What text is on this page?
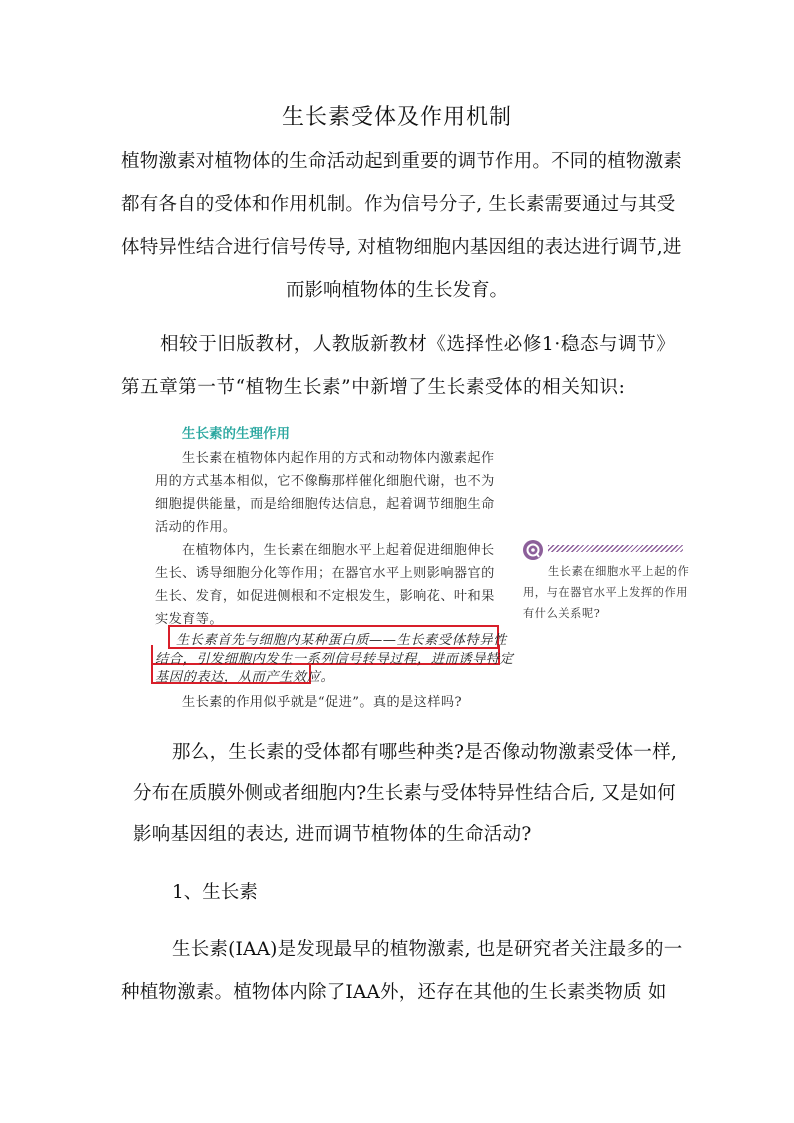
生长素受体及作用机制
植物激素对植物体的生命活动起到重要的调节作用。不同的植物激素
都有各自的受体和作用机制。作为信号分子, 生长素需要通过与其受
体特异性结合进行信号传导, 对植物细胞内基因组的表达进行调节,进
而影响植物体的生长发育。
相较于旧版教材，人教版新教材《选择性必修1·稳态与调节》
第五章第一节“植物生长素”中新增了生长素受体的相关知识:
生长素的生理作用
生长素在植物体内起作用的方式和动物体内激素起作
用的方式基本相似，它不像酶那样催化细胞代谢，也不为
细胞提供能量，而是给细胞传达信息，起着调节细胞生命
活动的作用。
在植物体内，生长素在细胞水平上起着促进细胞伸长
生长、诱导细胞分化等作用；在器官水平上则影响器官的
生长、发育，如促进侧根和不定根发生，影响花、叶和果
实发育等。
生长素首先与细胞内某种蛋白质——生长素受体特异性
结合，引发细胞内发生一系列信号转导过程，进而诱导特定
基因的表达，从而产生效应。
生长素的作用似乎就是“促进”。真的是这样吗?
生长素在细胞水平上起的作
用，与在器官水平上发挥的作用
有什么关系呢?
那么，生长素的受体都有哪些种类?是否像动物激素受体一样,
分布在质膜外侧或者细胞内?生长素与受体特异性结合后, 又是如何
影响基因组的表达, 进而调节植物体的生命活动?
1、生长素
生长素(IAA)是发现最早的植物激素, 也是研究者关注最多的一
种植物激素。植物体内除了IAA外，还存在其他的生长素类物质 如
